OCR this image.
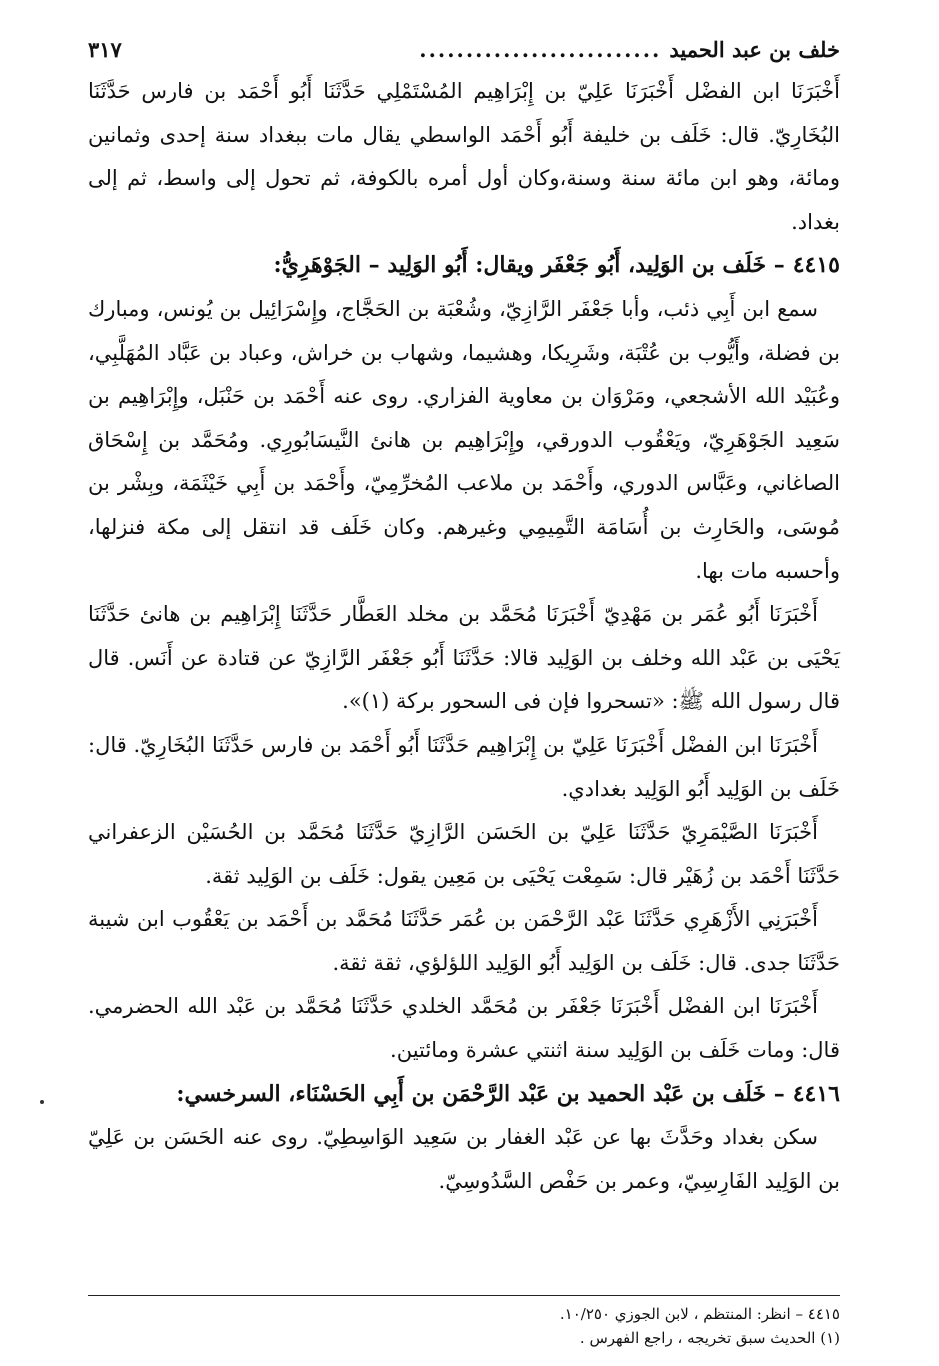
خلف بن عبد الحميد
..........................
٣١٧

أَخْبَرَنَا ابن الفضْل أَخْبَرَنَا عَلِيّ بن إِبْرَاهِيم المُسْتَمْلِي حَدَّثَنَا أَبُو أَحْمَد بن فارس حَدَّثَنَا البُخَارِيّ. قال: خَلَف بن خليفة أَبُو أَحْمَد الواسطي يقال مات ببغداد سنة إحدى وثمانين ومائة، وهو ابن مائة سنة وسنة،وكان أول أمره بالكوفة، ثم تحول إلى واسط، ثم إلى بغداد.

٤٤١٥– خَلَف بن الوَلِيد، أَبُو جَعْفَر ويقال: أَبُو الوَلِيد – الجَوْهَرِيُّ:

سمع ابن أَبِي ذئب، وأبا جَعْفَر الرَّازِيّ، وشُعْبَة بن الحَجَّاج، وإِسْرَائِيل بن يُونس، ومبارك بن فضلة، وأَيُّوب بن عُتْبَة، وشَرِيكا، وهشيما، وشهاب بن خراش، وعباد بن عَبَّاد المُهَلَّبِي، وعُبَيْد الله الأشجعي، ومَرْوَان بن معاوية الفزاري. روى عنه أَحْمَد بن حَنْبَل، وإِبْرَاهِيم بن سَعِيد الجَوْهَرِيّ، ويَعْقُوب الدورقي، وإِبْرَاهِيم بن هانئ النَّيسَابُورِي. ومُحَمَّد بن إِسْحَاق الصاغاني، وعَبَّاس الدوري، وأَحْمَد بن ملاعب المُخرِّمِيّ، وأَحْمَد بن أَبِي خَيْثَمَة، وبِشْر بن مُوسَى، والحَارِث بن أُسَامَة التَّمِيمِي وغيرهم. وكان خَلَف قد انتقل إلى مكة فنزلها، وأحسبه مات بها.

أَخْبَرَنَا أَبُو عُمَر بن مَهْدِيّ أَخْبَرَنَا مُحَمَّد بن مخلد العَطَّار حَدَّثَنَا إِبْرَاهِيم بن هانئ حَدَّثَنَا يَحْيَى بن عَبْد الله وخلف بن الوَلِيد قالا: حَدَّثَنَا أَبُو جَعْفَر الرَّازِيّ عن قتادة عن أَنَس. قال قال رسول الله ﷺ: «تسحروا فإن فى السحور بركة (١)».

أَخْبَرَنَا ابن الفضْل أَخْبَرَنَا عَلِيّ بن إِبْرَاهِيم حَدَّثَنَا أَبُو أَحْمَد بن فارس حَدَّثَنَا البُخَارِيّ. قال: خَلَف بن الوَلِيد أَبُو الوَلِيد بغدادي.

أَخْبَرَنَا الصَّيْمَرِيّ حَدَّثَنَا عَلِيّ بن الحَسَن الرَّازِيّ حَدَّثَنَا مُحَمَّد بن الحُسَيْن الزعفراني حَدَّثَنَا أَحْمَد بن زُهَيْر قال: سَمِعْت يَحْيَى بن مَعِين يقول: خَلَف بن الوَلِيد ثقة.

أَخْبَرَنِي الأَزْهَرِي حَدَّثَنَا عَبْد الرَّحْمَن بن عُمَر حَدَّثَنَا مُحَمَّد بن أَحْمَد بن يَعْقُوب ابن شيبة حَدَّثَنَا جدى. قال: خَلَف بن الوَلِيد أَبُو الوَلِيد اللؤلؤي، ثقة ثقة.

أَخْبَرَنَا ابن الفضْل أَخْبَرَنَا جَعْفَر بن مُحَمَّد الخلدي حَدَّثَنَا مُحَمَّد بن عَبْد الله الحضرمي. قال: ومات خَلَف بن الوَلِيد سنة اثنتي عشرة ومائتين.

٤٤١٦– خَلَف بن عَبْد الحميد بن عَبْد الرَّحْمَن بن أَبِي الحَسْنَاء، السرخسي:

سكن بغداد وحَدَّثَ بها عن عَبْد الغفار بن سَعِيد الوَاسِطِيّ. روى عنه الحَسَن بن عَلِيّ بن الوَلِيد الفَارِسِيّ، وعمر بن حَفْص السَّدُوسِيّ.

٤٤١٥ – انظر: المنتظم ، لابن الجوزي ١٠/٢٥٠.

(١) الحديث سبق تخريجه ، راجع الفهرس .
